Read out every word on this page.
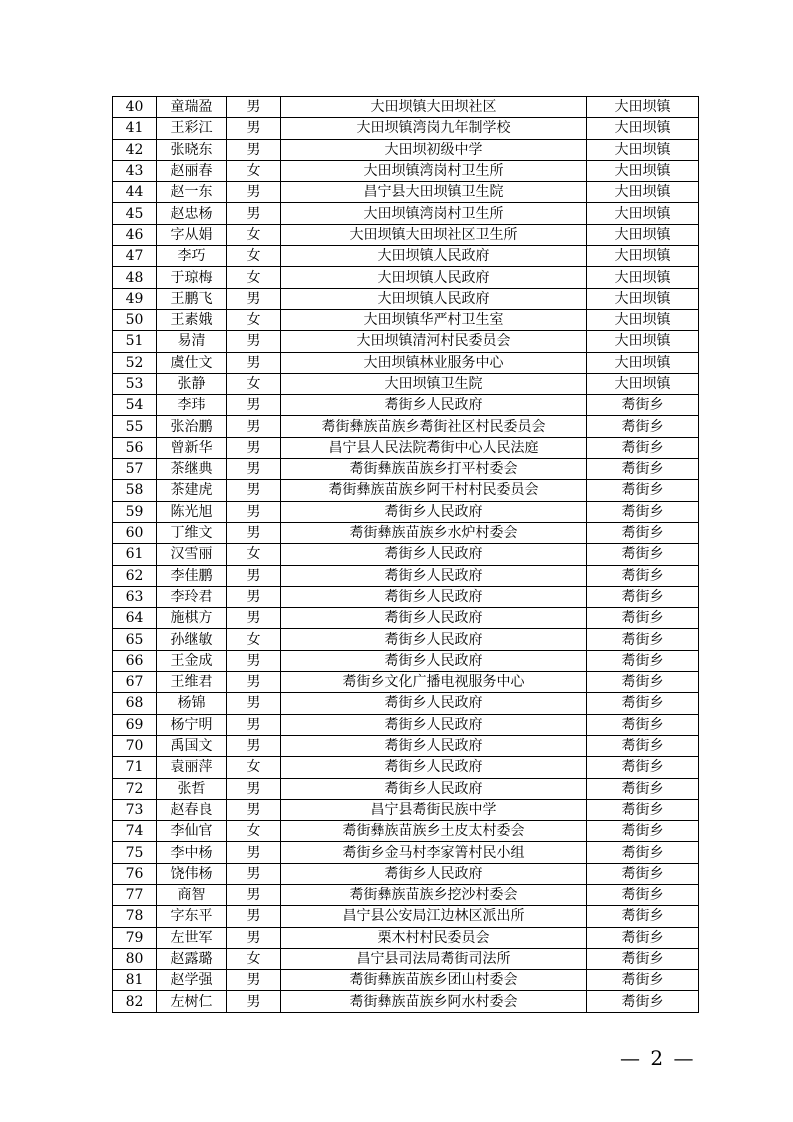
40	童瑞盈	男	大田坝镇大田坝社区	大田坝镇
41	王彩江	男	大田坝镇湾岗九年制学校	大田坝镇
42	张晓东	男	大田坝初级中学	大田坝镇
43	赵丽春	女	大田坝镇湾岗村卫生所	大田坝镇
44	赵一东	男	昌宁县大田坝镇卫生院	大田坝镇
45	赵忠杨	男	大田坝镇湾岗村卫生所	大田坝镇
46	字从娟	女	大田坝镇大田坝社区卫生所	大田坝镇
47	李巧	女	大田坝镇人民政府	大田坝镇
48	于琼梅	女	大田坝镇人民政府	大田坝镇
49	王鹏飞	男	大田坝镇人民政府	大田坝镇
50	王素娥	女	大田坝镇华严村卫生室	大田坝镇
51	易清	男	大田坝镇清河村民委员会	大田坝镇
52	虞仕文	男	大田坝镇林业服务中心	大田坝镇
53	张静	女	大田坝镇卫生院	大田坝镇
54	李玮	男	耈街乡人民政府	耈街乡
55	张治鹏	男	耈街彝族苗族乡耈街社区村民委员会	耈街乡
56	曾新华	男	昌宁县人民法院耈街中心人民法庭	耈街乡
57	茶继典	男	耈街彝族苗族乡打平村委会	耈街乡
58	茶建虎	男	耈街彝族苗族乡阿干村村民委员会	耈街乡
59	陈光旭	男	耈街乡人民政府	耈街乡
60	丁维文	男	耈街彝族苗族乡水炉村委会	耈街乡
61	汉雪丽	女	耈街乡人民政府	耈街乡
62	李佳鹏	男	耈街乡人民政府	耈街乡
63	李玲君	男	耈街乡人民政府	耈街乡
64	施棋方	男	耈街乡人民政府	耈街乡
65	孙继敏	女	耈街乡人民政府	耈街乡
66	王金成	男	耈街乡人民政府	耈街乡
67	王维君	男	耈街乡文化广播电视服务中心	耈街乡
68	杨锦	男	耈街乡人民政府	耈街乡
69	杨宁明	男	耈街乡人民政府	耈街乡
70	禹国文	男	耈街乡人民政府	耈街乡
71	袁丽萍	女	耈街乡人民政府	耈街乡
72	张哲	男	耈街乡人民政府	耈街乡
73	赵春良	男	昌宁县耈街民族中学	耈街乡
74	李仙官	女	耈街彝族苗族乡土皮太村委会	耈街乡
75	李中杨	男	耈街乡金马村李家箐村民小组	耈街乡
76	饶伟杨	男	耈街乡人民政府	耈街乡
77	商智	男	耈街彝族苗族乡挖沙村委会	耈街乡
78	字东平	男	昌宁县公安局江边林区派出所	耈街乡
79	左世军	男	栗木村村民委员会	耈街乡
80	赵露璐	女	昌宁县司法局耈街司法所	耈街乡
81	赵学强	男	耈街彝族苗族乡团山村委会	耈街乡
82	左树仁	男	耈街彝族苗族乡阿水村委会	耈街乡
— 2 —
